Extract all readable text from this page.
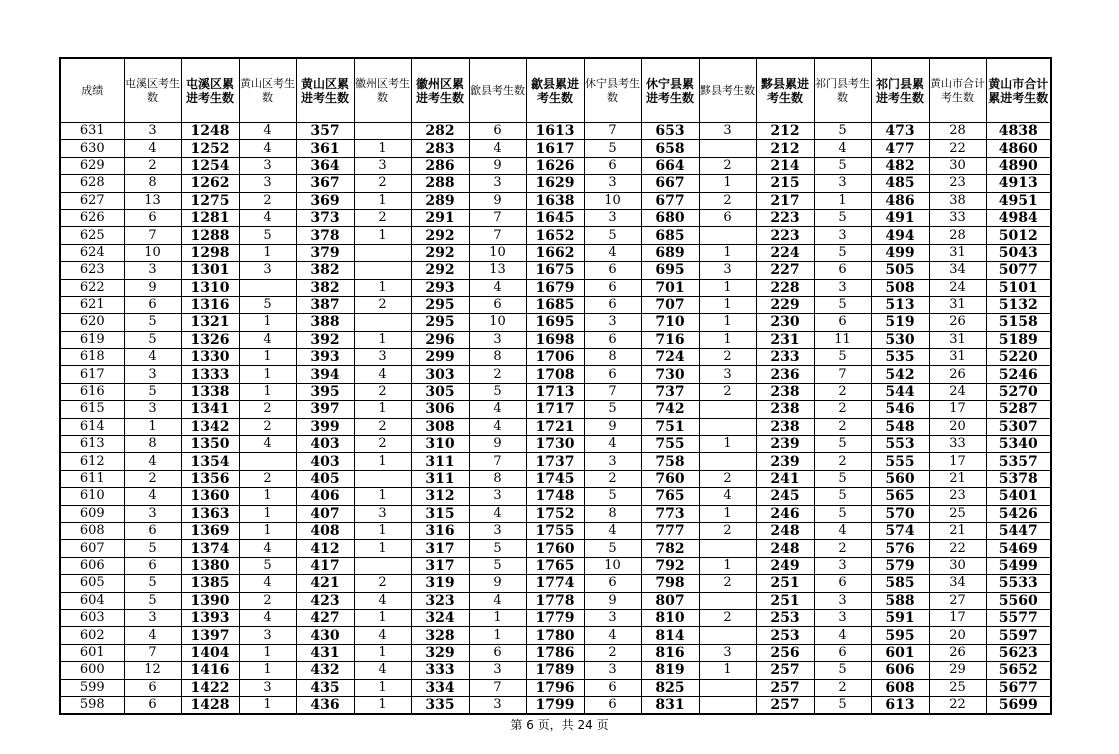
成绩	屯溪区考生数	屯溪区累进考生数	黄山区考生数	黄山区累进考生数	徽州区考生数	徽州区累进考生数	歙县考生数	歙县累进考生数	休宁县考生数	休宁县累进考生数	黟县考生数	黟县累进考生数	祁门县考生数	祁门县累进考生数	黄山市合计考生数	黄山市合计累进考生数
631	3	1248	4	357		282	6	1613	7	653	3	212	5	473	28	4838
630	4	1252	4	361	1	283	4	1617	5	658		212	4	477	22	4860
629	2	1254	3	364	3	286	9	1626	6	664	2	214	5	482	30	4890
628	8	1262	3	367	2	288	3	1629	3	667	1	215	3	485	23	4913
627	13	1275	2	369	1	289	9	1638	10	677	2	217	1	486	38	4951
626	6	1281	4	373	2	291	7	1645	3	680	6	223	5	491	33	4984
625	7	1288	5	378	1	292	7	1652	5	685		223	3	494	28	5012
624	10	1298	1	379		292	10	1662	4	689	1	224	5	499	31	5043
623	3	1301	3	382		292	13	1675	6	695	3	227	6	505	34	5077
622	9	1310		382	1	293	4	1679	6	701	1	228	3	508	24	5101
621	6	1316	5	387	2	295	6	1685	6	707	1	229	5	513	31	5132
620	5	1321	1	388		295	10	1695	3	710	1	230	6	519	26	5158
619	5	1326	4	392	1	296	3	1698	6	716	1	231	11	530	31	5189
618	4	1330	1	393	3	299	8	1706	8	724	2	233	5	535	31	5220
617	3	1333	1	394	4	303	2	1708	6	730	3	236	7	542	26	5246
616	5	1338	1	395	2	305	5	1713	7	737	2	238	2	544	24	5270
615	3	1341	2	397	1	306	4	1717	5	742		238	2	546	17	5287
614	1	1342	2	399	2	308	4	1721	9	751		238	2	548	20	5307
613	8	1350	4	403	2	310	9	1730	4	755	1	239	5	553	33	5340
612	4	1354		403	1	311	7	1737	3	758		239	2	555	17	5357
611	2	1356	2	405		311	8	1745	2	760	2	241	5	560	21	5378
610	4	1360	1	406	1	312	3	1748	5	765	4	245	5	565	23	5401
609	3	1363	1	407	3	315	4	1752	8	773	1	246	5	570	25	5426
608	6	1369	1	408	1	316	3	1755	4	777	2	248	4	574	21	5447
607	5	1374	4	412	1	317	5	1760	5	782		248	2	576	22	5469
606	6	1380	5	417		317	5	1765	10	792	1	249	3	579	30	5499
605	5	1385	4	421	2	319	9	1774	6	798	2	251	6	585	34	5533
604	5	1390	2	423	4	323	4	1778	9	807		251	3	588	27	5560
603	3	1393	4	427	1	324	1	1779	3	810	2	253	3	591	17	5577
602	4	1397	3	430	4	328	1	1780	4	814		253	4	595	20	5597
601	7	1404	1	431	1	329	6	1786	2	816	3	256	6	601	26	5623
600	12	1416	1	432	4	333	3	1789	3	819	1	257	5	606	29	5652
599	6	1422	3	435	1	334	7	1796	6	825		257	2	608	25	5677
598	6	1428	1	436	1	335	3	1799	6	831		257	5	613	22	5699
第 6 页，共 24 页
